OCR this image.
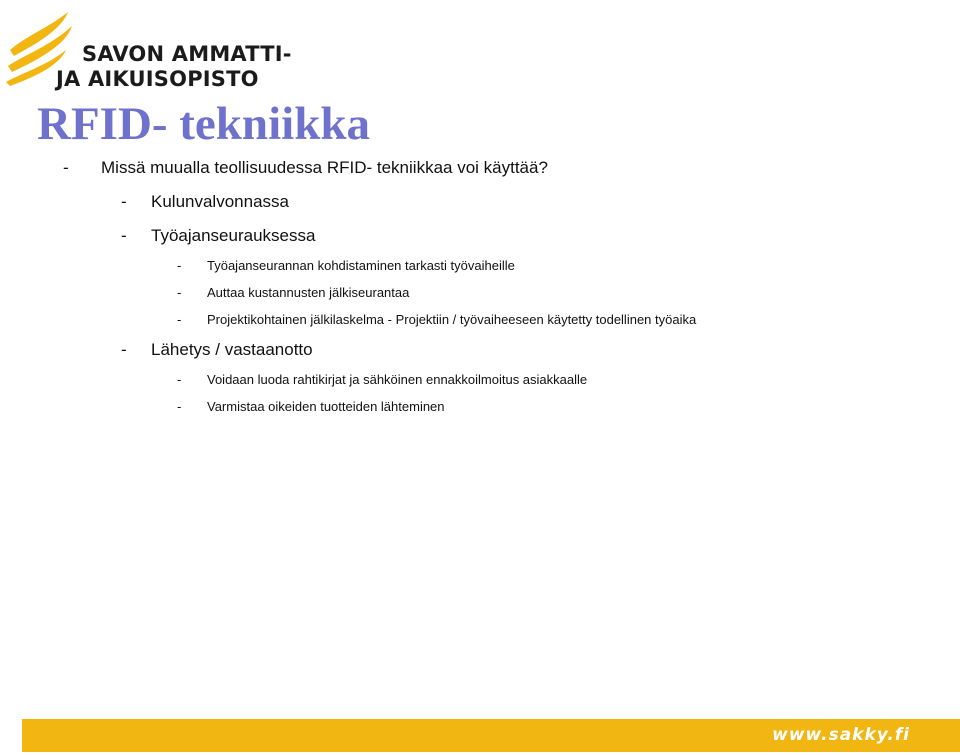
SAVON AMMATTI-
JA AIKUISOPISTO
RFID- tekniikka
- Missä muualla teollisuudessa RFID- tekniikkaa voi käyttää?
- Kulunvalvonnassa
- Työajanseurauksessa
- Työajanseurannan kohdistaminen tarkasti työvaiheille
- Auttaa kustannusten jälkiseurantaa
- Projektikohtainen jälkilaskelma - Projektiin / työvaiheeseen käytetty todellinen työaika
- Lähetys / vastaanotto
- Voidaan luoda rahtikirjat ja sähköinen ennakkoilmoitus asiakkaalle
- Varmistaa oikeiden tuotteiden lähteminen
www.sakky.fi
